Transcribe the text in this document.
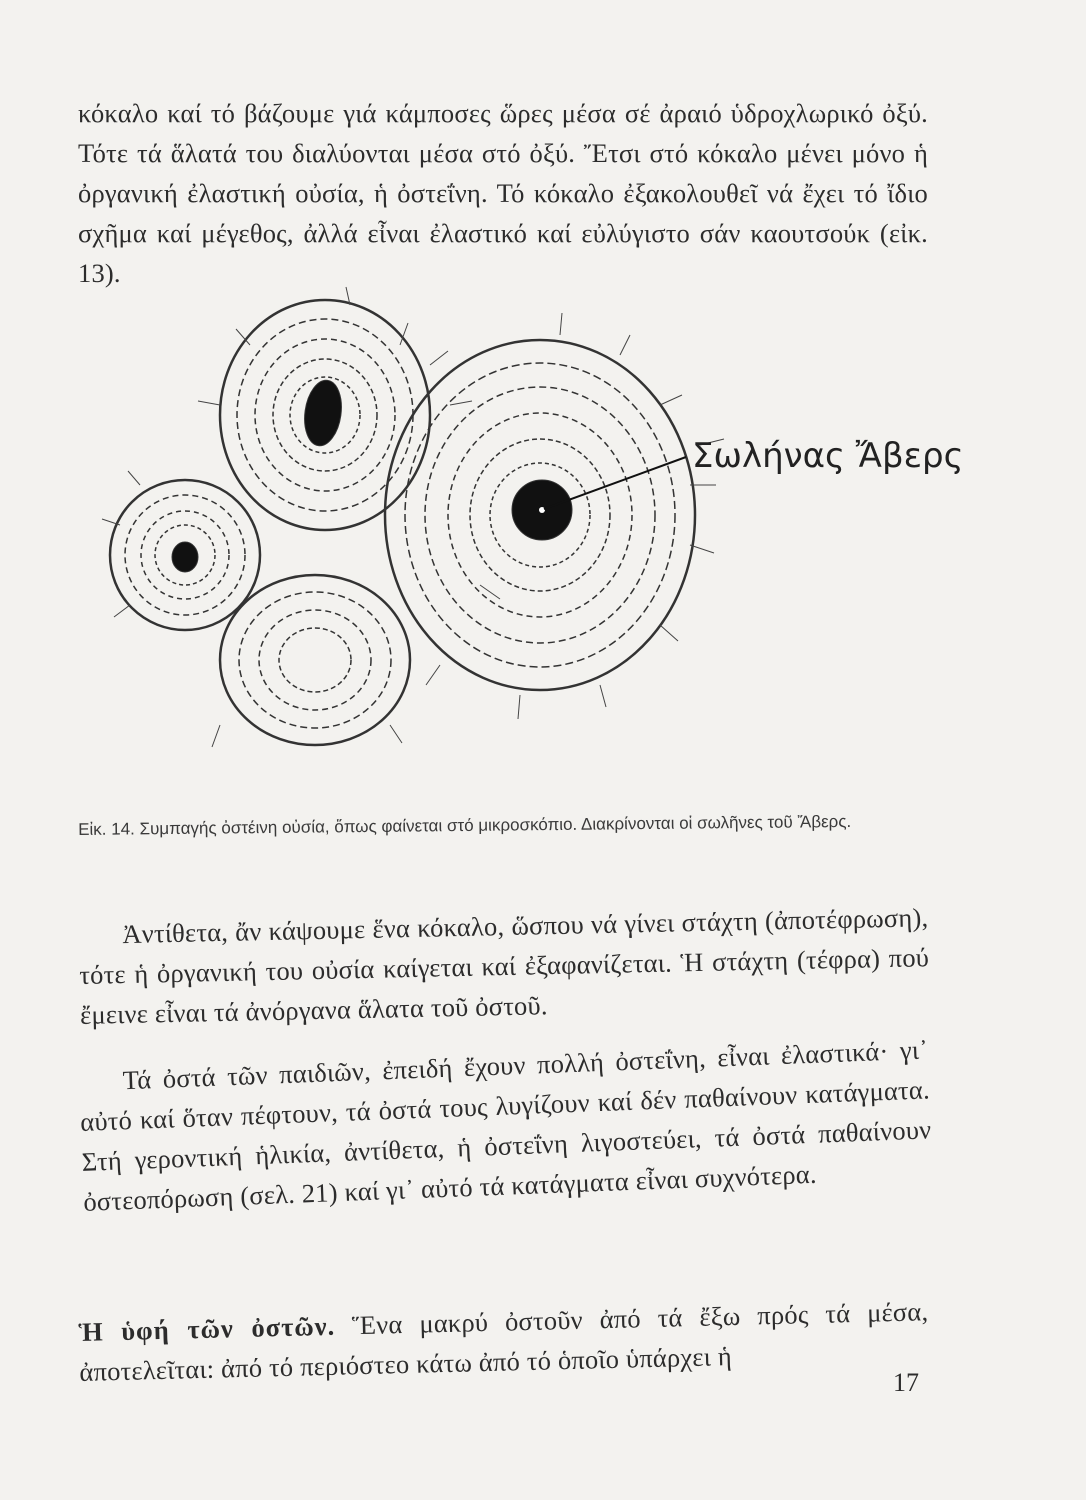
κόκαλο καί τό βάζουμε γιά κάμποσες ὥρες μέσα σέ ἀραιό ὑδροχλωρικό ὀξύ. Τότε τά ἅλατά του διαλύονται μέσα στό ὀξύ. Ἔτσι στό κόκαλο μένει μόνο ἡ ὀργανική ἐλαστική οὐσία, ἡ ὀστεΐνη. Τό κόκαλο ἐξακολουθεῖ νά ἔχει τό ἴδιο σχῆμα καί μέγεθος, ἀλλά εἶναι ἐλαστικό καί εὐλύγιστο σάν καουτσούκ (εἰκ. 13).

Σωλήνας Ἄβερς

Εἰκ. 14. Συμπαγής ὀστέινη οὐσία, ὅπως φαίνεται στό μικροσκόπιο. Διακρίνονται οἱ σωλῆνες τοῦ Ἄβερς.

Ἀντίθετα, ἄν κάψουμε ἕνα κόκαλο, ὥσπου νά γίνει στάχτη (ἀποτέφρωση), τότε ἡ ὀργανική του οὐσία καίγεται καί ἐξαφανίζεται. Ἡ στάχτη (τέφρα) πού ἔμεινε εἶναι τά ἀνόργανα ἅλατα τοῦ ὀστοῦ.

Τά ὀστά τῶν παιδιῶν, ἐπειδή ἔχουν πολλή ὀστεΐνη, εἶναι ἐλαστικά· γι᾽ αὐτό καί ὅταν πέφτουν, τά ὀστά τους λυγίζουν καί δέν παθαίνουν κατάγματα. Στή γεροντική ἡλικία, ἀντίθετα, ἡ ὀστεΐνη λιγοστεύει, τά ὀστά παθαίνουν ὀστεοπόρωση (σελ. 21) καί γι᾽ αὐτό τά κατάγματα εἶναι συχνότερα.

Ἡ ὑφή τῶν ὀστῶν. Ἕνα μακρύ ὀστοῦν ἀπό τά ἔξω πρός τά μέσα, ἀποτελεῖται: ἀπό τό περιόστεο κάτω ἀπό τό ὁποῖο ὑπάρχει ἡ	17
